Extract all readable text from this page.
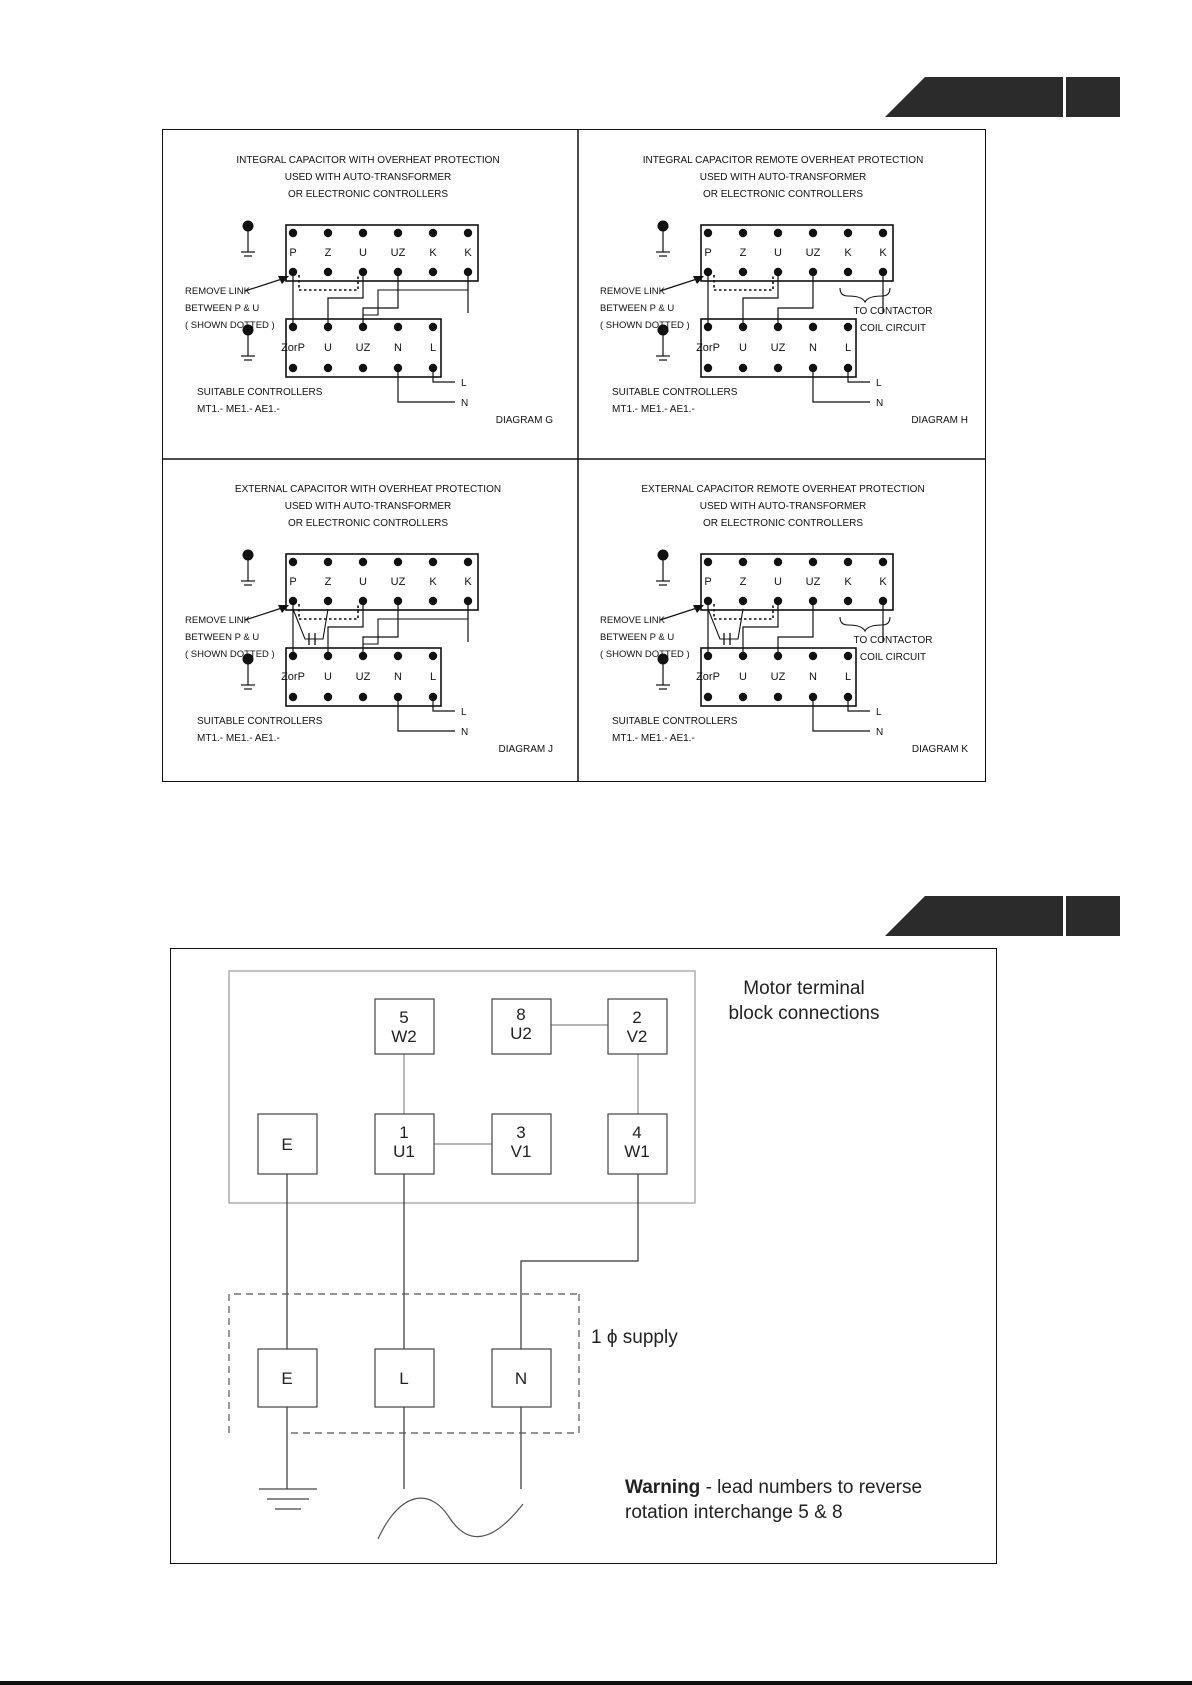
INTEGRAL CAPACITOR WITH OVERHEAT PROTECTION
USED WITH AUTO-TRANSFORMER
OR ELECTRONIC CONTROLLERS
P	Z	U UZ K	K
ZorP U UZ N	L
L
N
REMOVE LINK
BETWEEN P & U
( SHOWN DOTTED )
SUITABLE CONTROLLERS
MT1.- ME1.- AE1.-
DIAGRAM G
INTEGRAL CAPACITOR REMOTE OVERHEAT PROTECTION
USED WITH AUTO-TRANSFORMER
OR ELECTRONIC CONTROLLERS
P	Z	U UZ K	K
ZorP U UZ N	L
TO CONTACTOR
COIL CIRCUIT
L
N
REMOVE LINK
BETWEEN P & U
( SHOWN DOTTED )
SUITABLE CONTROLLERS
MT1.- ME1.- AE1.-
DIAGRAM H
EXTERNAL CAPACITOR WITH OVERHEAT PROTECTION
USED WITH AUTO-TRANSFORMER
OR ELECTRONIC CONTROLLERS
P	Z	U UZ K	K
ZorP U UZ N	L
L
N
REMOVE LINK
BETWEEN P & U
( SHOWN DOTTED )
SUITABLE CONTROLLERS
MT1.- ME1.- AE1.-
DIAGRAM J
EXTERNAL CAPACITOR REMOTE OVERHEAT PROTECTION
USED WITH AUTO-TRANSFORMER
OR ELECTRONIC CONTROLLERS
P	Z	U UZ K	K
ZorP U UZ N	L
TO CONTACTOR
COIL CIRCUIT
L
N
REMOVE LINK
BETWEEN P & U
( SHOWN DOTTED )
SUITABLE CONTROLLERS
MT1.- ME1.- AE1.-
DIAGRAM K
Motor terminal
block connections
5
W2
8
U2
2
V2
E
1
U1
3
V1
4
W1
E	L	N
1 ϕ supply
Warning - lead numbers to reverse
rotation interchange 5 & 8
